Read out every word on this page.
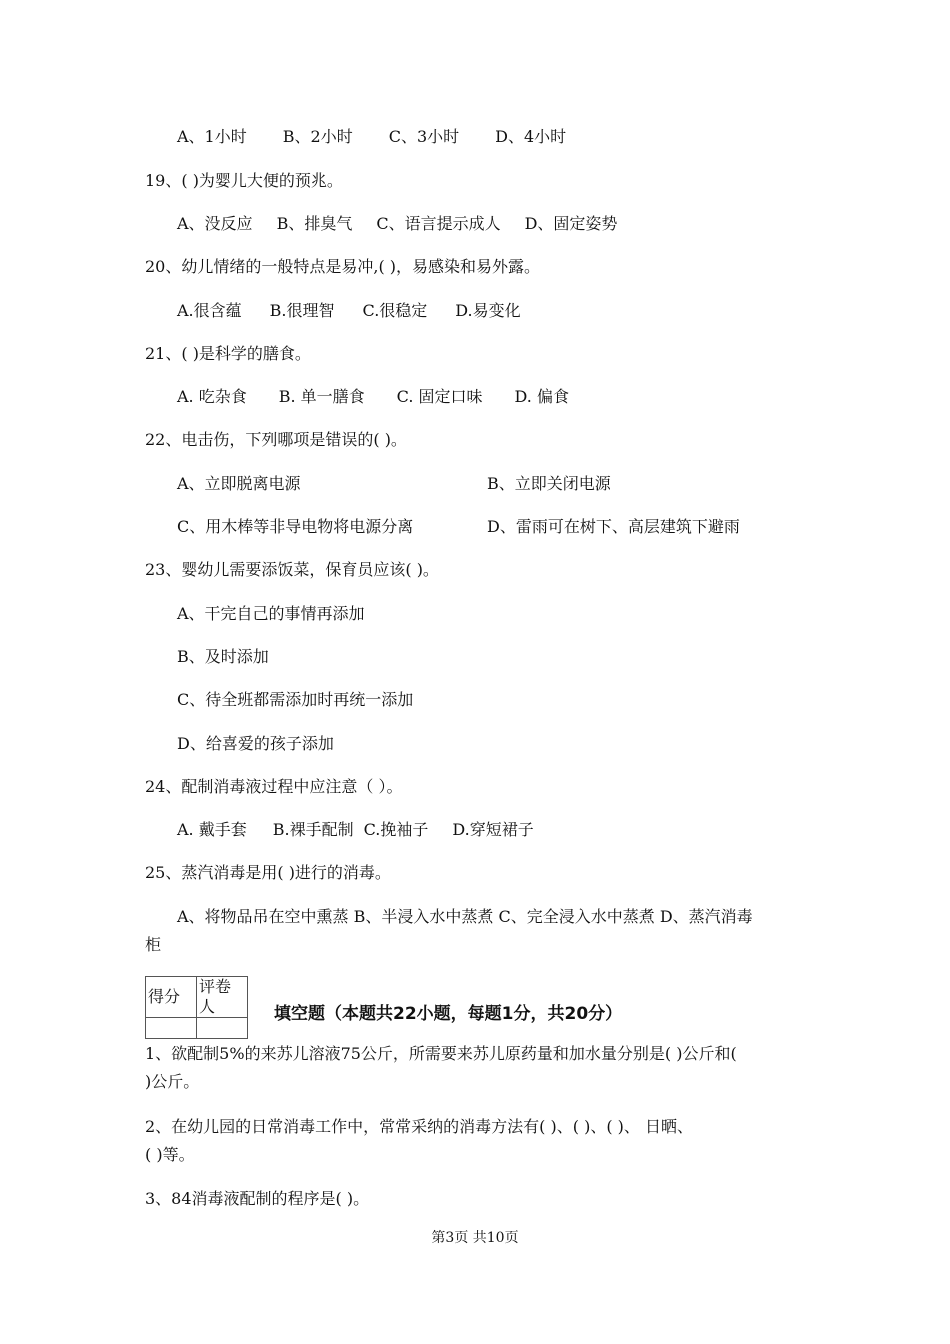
A、1小时 B、2小时 C、3小时 D、4小时
19、( )为婴儿大便的预兆。
A、没反应 B、排臭气 C、语言提示成人 D、固定姿势
20、幼儿情绪的一般特点是易冲,( )，易感染和易外露。
A.很含蕴 B.很理智 C.很稳定 D.易变化
21、( )是科学的膳食。
A. 吃杂食 B. 单一膳食 C. 固定口味 D. 偏食
22、电击伤，下列哪项是错误的( )。
A、立即脱离电源	B、立即关闭电源
C、用木棒等非导电物将电源分离	D、雷雨可在树下、高层建筑下避雨
23、婴幼儿需要添饭菜，保育员应该( )。
A、干完自己的事情再添加
B、及时添加
C、待全班都需添加时再统一添加
D、给喜爱的孩子添加
24、配制消毒液过程中应注意（ ）。
A. 戴手套 B.裸手配制 C.挽袖子 D.穿短裙子
25、蒸汽消毒是用( )进行的消毒。
A、将物品吊在空中熏蒸 B、半浸入水中蒸煮 C、完全浸入水中蒸煮 D、蒸汽消毒
柜
得分	评卷人
		填空题（本题共22小题，每题1分，共20分）
1、欲配制5%的来苏儿溶液75公斤，所需要来苏儿原药量和加水量分别是( )公斤和(
)公斤。
2、在幼儿园的日常消毒工作中，常常采纳的消毒方法有( )、( )、( )、 日晒、
( )等。
3、84消毒液配制的程序是( )。
第3页 共10页
